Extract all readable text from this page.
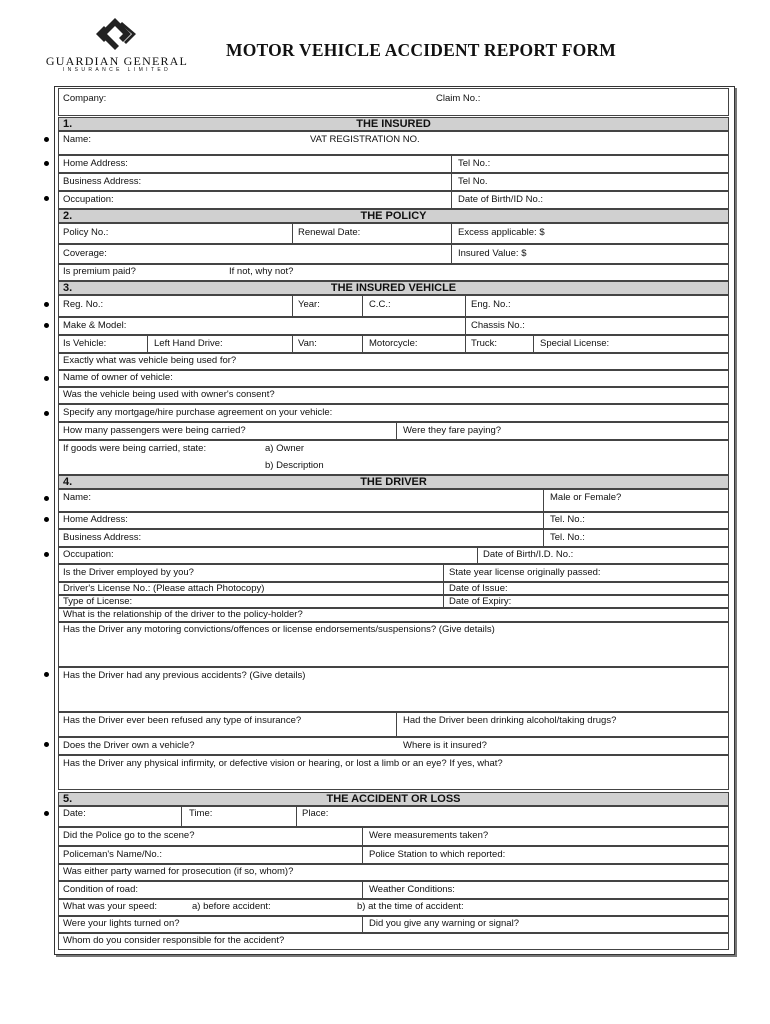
GUARDIAN GENERAL
INSURANCE LIMITED
MOTOR VEHICLE ACCIDENT REPORT FORM
Company:	Claim No.:
1.	THE INSURED
Name:	VAT REGISTRATION NO.
Home Address:	Tel No.:
Business Address:	Tel No.
Occupation:	Date of Birth/ID No.:
2.	THE POLICY
Policy No.:	Renewal Date:	Excess applicable: $
Coverage:	Insured Value: $
Is premium paid?	If not, why not?
3.	THE INSURED VEHICLE
Reg. No.:	Year:	C.C.:	Eng. No.:
Make & Model:	Chassis No.:
Is Vehicle:	Left Hand Drive:	Van:	Motorcycle:	Truck:	Special License:
Exactly what was vehicle being used for?
Name of owner of vehicle:
Was the vehicle being used with owner's consent?
Specify any mortgage/hire purchase agreement on your vehicle:
How many passengers were being carried?	Were they fare paying?
If goods were being carried, state:	a) Owner
b) Description
4.	THE DRIVER
Name:	Male or Female?
Home Address:	Tel. No.:
Business Address:	Tel. No.:
Occupation:	Date of Birth/I.D. No.:
Is the Driver employed by you?	State year license originally passed:
Driver's License No.: (Please attach Photocopy)	Date of Issue:
Type of License:	Date of Expiry:
What is the relationship of the driver to the policy-holder?
Has the Driver any motoring convictions/offences or license endorsements/suspensions? (Give details)
Has the Driver had any previous accidents? (Give details)
Has the Driver ever been refused any type of insurance?	Had the Driver been drinking alcohol/taking drugs?
Does the Driver own a vehicle?	Where is it insured?
Has the Driver any physical infirmity, or defective vision or hearing, or lost a limb or an eye? If yes, what?
5.	THE ACCIDENT OR LOSS
Date:	Time:	Place:
Did the Police go to the scene?	Were measurements taken?
Policeman's Name/No.:	Police Station to which reported:
Was either party warned for prosecution (if so, whom)?
Condition of road:	Weather Conditions:
What was your speed:	a) before accident:	b) at the time of accident:
Were your lights turned on?	Did you give any warning or signal?
Whom do you consider responsible for the accident?
